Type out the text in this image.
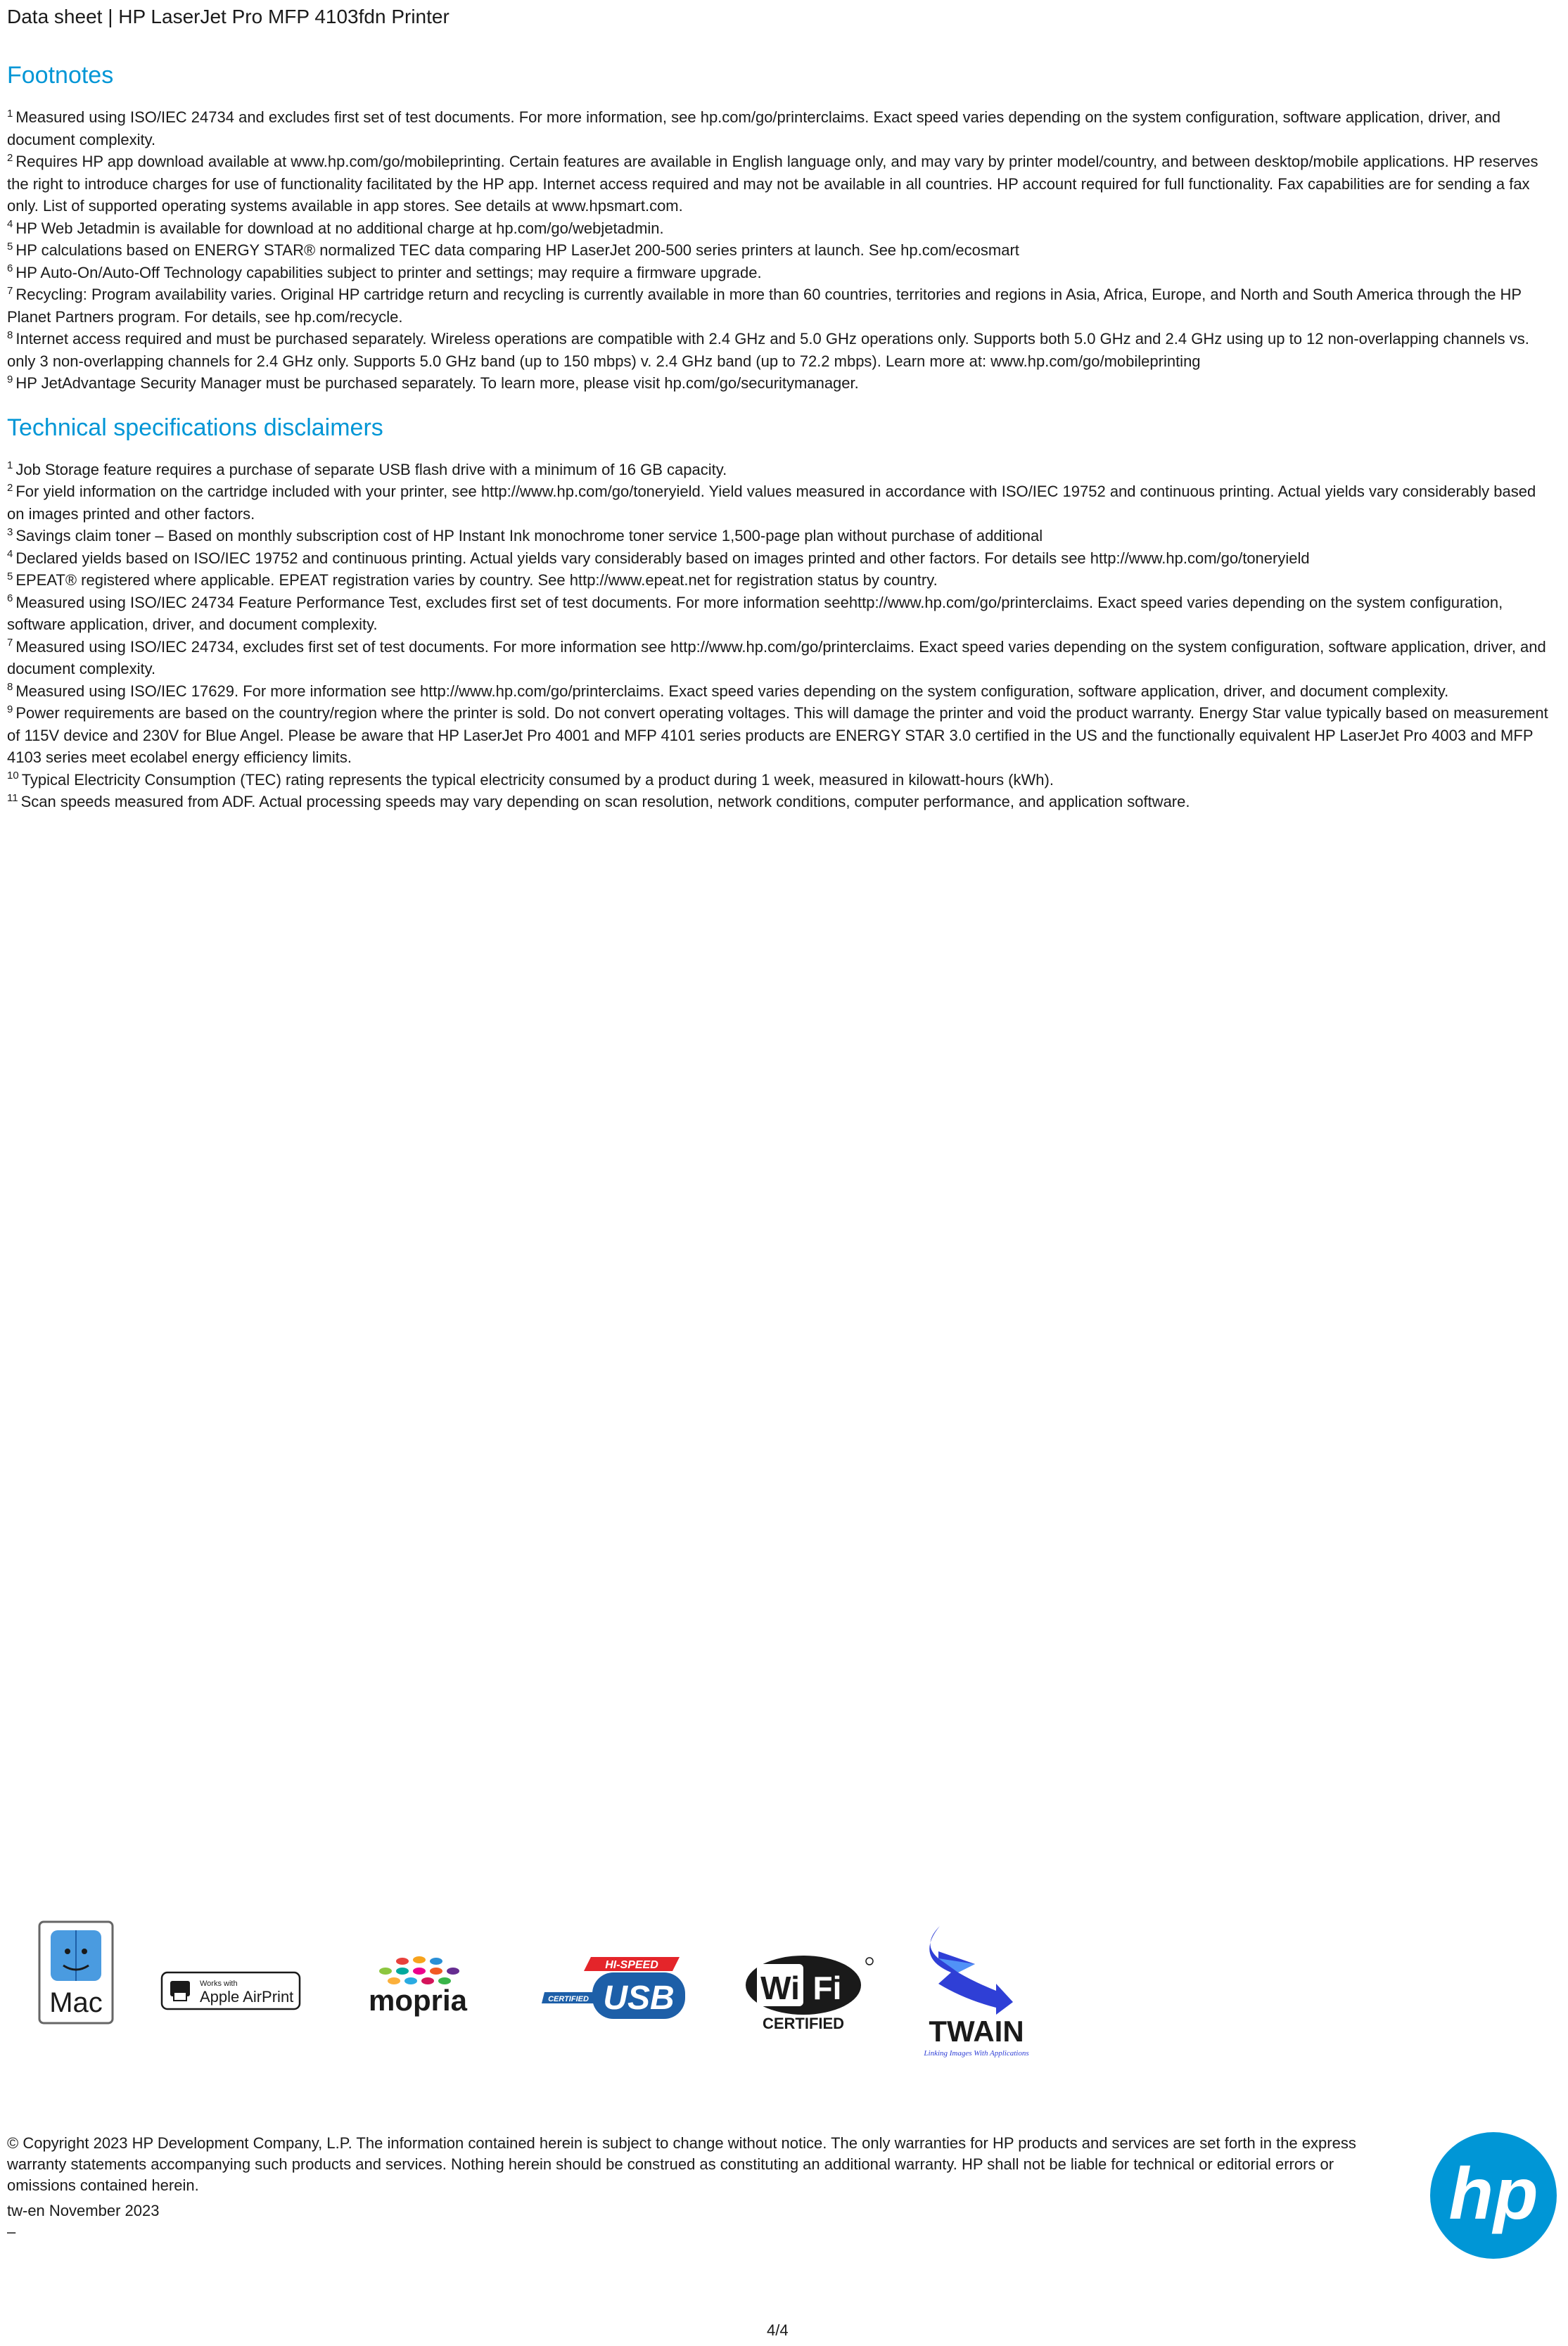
Data sheet | HP LaserJet Pro MFP 4103fdn Printer
Footnotes

$^1$ Measured using ISO/IEC 24734 and excludes first set of test documents. For more information, see hp.com/go/printerclaims. Exact speed varies depending on the system configuration, software application, driver, and document complexity.

$^2$ Requires HP app download available at www.hp.com/go/mobileprinting. Certain features are available in English language only, and may vary by printer model/country, and between desktop/mobile applications. HP reserves the right to introduce charges for use of functionality facilitated by the HP app. Internet access required and may not be available in all countries. HP account required for full functionality. Fax capabilities are for sending a fax only. List of supported operating systems available in app stores. See details at www.hpsmart.com.

$^4$ HP Web Jetadmin is available for download at no additional charge at hp.com/go/webjetadmin.

$^5$ HP calculations based on ENERGY STAR® normalized TEC data comparing HP LaserJet 200-500 series printers at launch. See hp.com/ecosmart

$^6$ HP Auto-On/Auto-Off Technology capabilities subject to printer and settings; may require a firmware upgrade.

$^7$ Recycling: Program availability varies. Original HP cartridge return and recycling is currently available in more than 60 countries, territories and regions in Asia, Africa, Europe, and North and South America through the HP Planet Partners program. For details, see hp.com/recycle.

$^8$ Internet access required and must be purchased separately. Wireless operations are compatible with 2.4 GHz and 5.0 GHz operations only. Supports both 5.0 GHz and 2.4 GHz using up to 12 non-overlapping channels vs. only 3 non-overlapping channels for 2.4 GHz only. Supports 5.0 GHz band (up to 150 mbps) v. 2.4 GHz band (up to 72.2 mbps). Learn more at: www.hp.com/go/mobileprinting

$^9$ HP JetAdvantage Security Manager must be purchased separately. To learn more, please visit hp.com/go/securitymanager.

Technical specifications disclaimers

$^1$ Job Storage feature requires a purchase of separate USB flash drive with a minimum of 16 GB capacity.

$^2$ For yield information on the cartridge included with your printer, see http://www.hp.com/go/toneryield. Yield values measured in accordance with ISO/IEC 19752 and continuous printing. Actual yields vary considerably based on images printed and other factors.

$^3$ Savings claim toner – Based on monthly subscription cost of HP Instant Ink monochrome toner service 1,500-page plan without purchase of additional

$^4$ Declared yields based on ISO/IEC 19752 and continuous printing. Actual yields vary considerably based on images printed and other factors. For details see http://www.hp.com/go/toneryield

$^5$ EPEAT® registered where applicable. EPEAT registration varies by country. See http://www.epeat.net for registration status by country.

$^6$ Measured using ISO/IEC 24734 Feature Performance Test, excludes first set of test documents. For more information seehttp://www.hp.com/go/printerclaims. Exact speed varies depending on the system configuration, software application, driver, and document complexity.

$^7$ Measured using ISO/IEC 24734, excludes first set of test documents. For more information see http://www.hp.com/go/printerclaims. Exact speed varies depending on the system configuration, software application, driver, and document complexity.

$^8$ Measured using ISO/IEC 17629. For more information see http://www.hp.com/go/printerclaims. Exact speed varies depending on the system configuration, software application, driver, and document complexity.

$^9$ Power requirements are based on the country/region where the printer is sold. Do not convert operating voltages. This will damage the printer and void the product warranty. Energy Star value typically based on measurement of 115V device and 230V for Blue Angel. Please be aware that HP LaserJet Pro 4001 and MFP 4101 series products are ENERGY STAR 3.0 certified in the US and the functionally equivalent HP LaserJet Pro 4003 and MFP 4103 series meet ecolabel energy efficiency limits.

$^{10}$ Typical Electricity Consumption (TEC) rating represents the typical electricity consumed by a product during 1 week, measured in kilowatt-hours (kWh).

$^{11}$ Scan speeds measured from ADF. Actual processing speeds may vary depending on scan resolution, network conditions, computer performance, and application software.

Mac
Works with
Apple AirPrint	mopria
HI-SPEED
CERTIFIED USB	Wi Fi
CERTIFIED	TWAIN
Linking Images With Applications
© Copyright 2023 HP Development Company, L.P. The information contained herein is subject to change without notice. The only warranties for HP products and services are set forth in the express warranty statements accompanying such products and services. Nothing herein should be construed as constituting an additional warranty. HP shall not be liable for technical or editorial errors or omissions contained herein.
tw-en November 2023
–	hp
4/4
